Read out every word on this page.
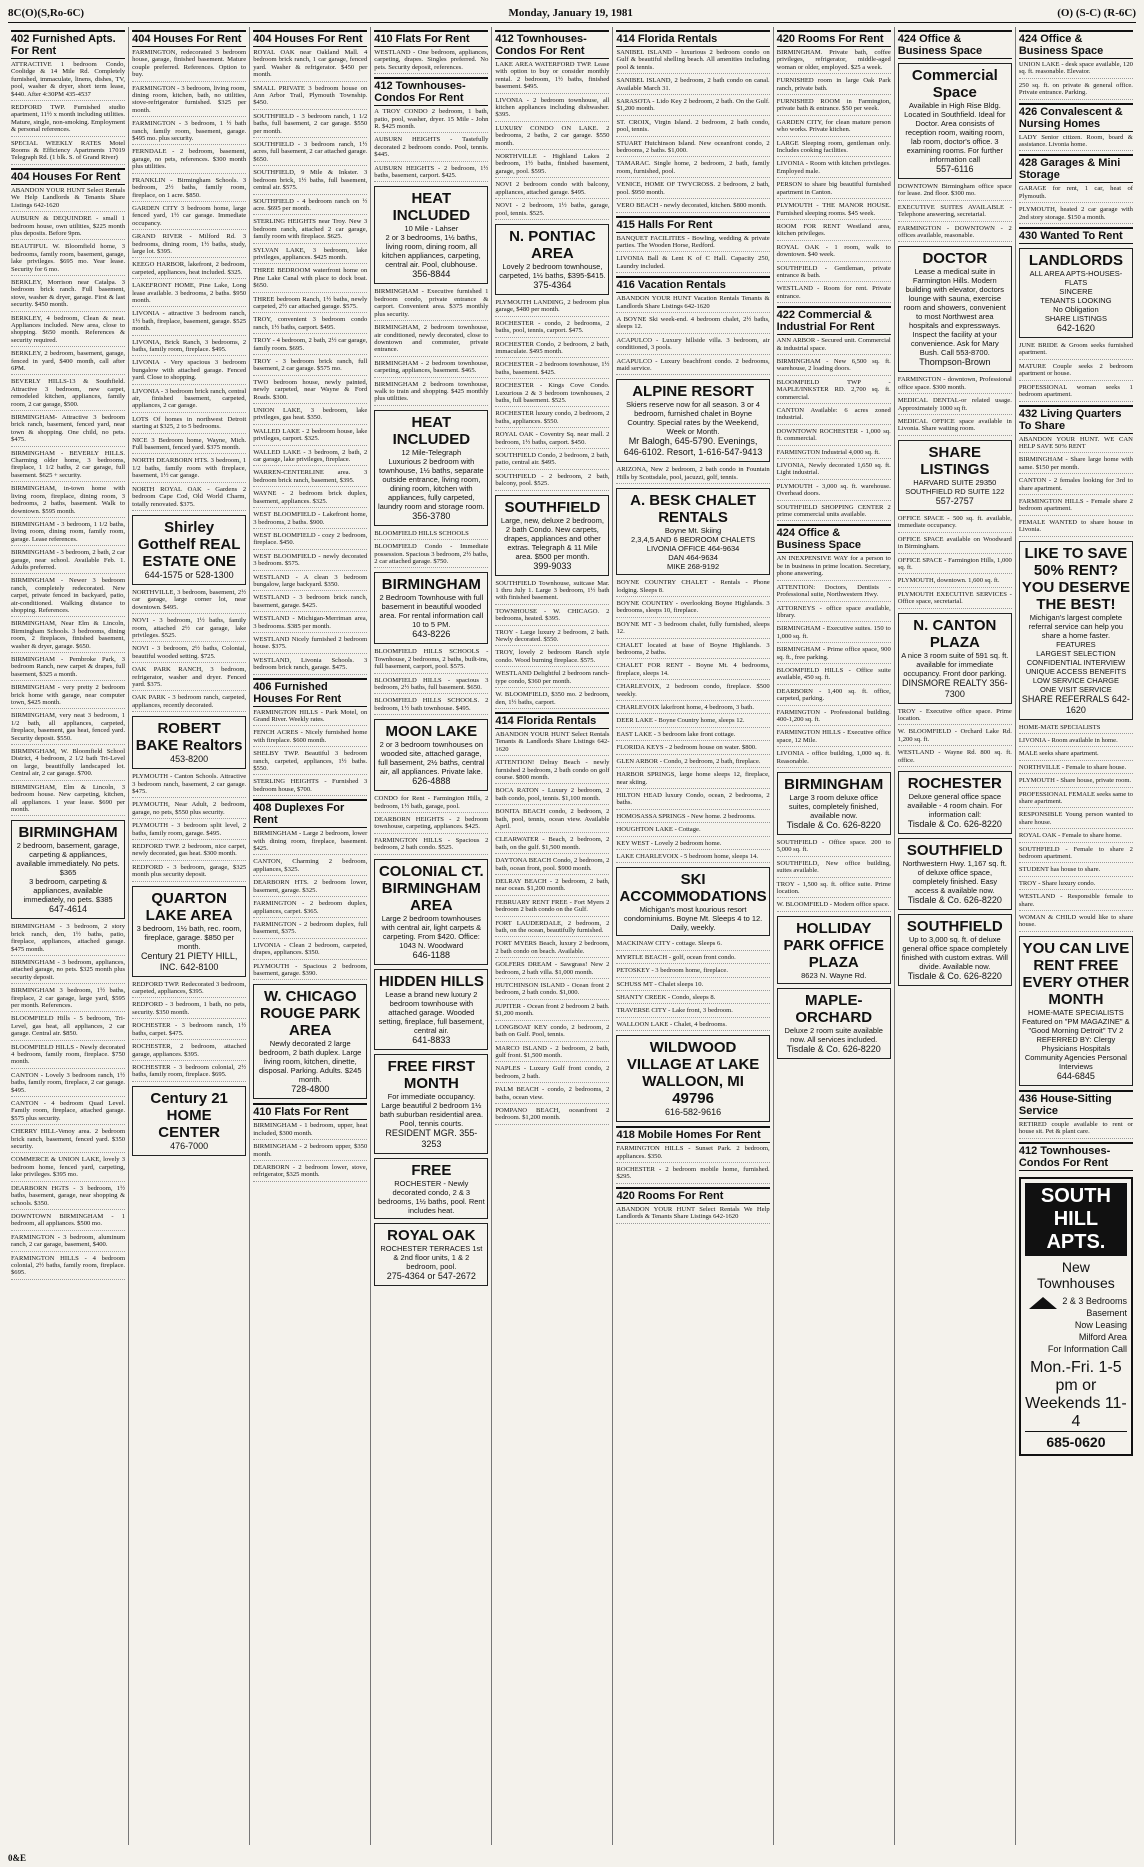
8C(O)(S,Ro-6C)	Monday, January 19, 1981	(O) (S-C) (R-6C)
402 Furnished Apts. For Rent

ATTRACTIVE 1 bedroom Condo, Coolidge & 14 Mile Rd. Completely furnished, immaculate, linens, dishes, TV, pool, washer & dryer, short term lease, $440. After 4:30PM 435-4537

REDFORD TWP. Furnished studio apartment, 11½ x month including utilities. Mature, single, non-smoking. Employment & personal references.

SPECIAL WEEKLY RATES Motel Rooms & Efficiency Apartments 17019 Telegraph Rd. (1 blk. S. of Grand River)

404 Houses For Rent

ABANDON YOUR HUNT Select Rentals We Help Landlords & Tenants Share Listings 642-1620

AUBURN & DEQUINDRE - small 1 bedroom house, own utilities, $225 month plus deposits. Before 9pm.

BEAUTIFUL W. Bloomfield home, 3 bedrooms, family room, basement, garage, lake privileges. $695 mo. Year lease. Security for 6 mo.

BERKLEY, Morrison near Catalpa. 3 bedroom brick ranch. Full basement, stove, washer & dryer, garage. First & last security. $450 month.

BERKLEY, 4 bedroom, Clean & neat. Appliances included. New area, close to shopping. $650 month. References & security required.

BERKLEY, 2 bedroom, basement, garage, fenced in yard, $400 month, call after 6PM.

BEVERLY HILLS-13 & Southfield. Attractive 3 bedroom, new carpet, remodeled kitchen, appliances, family room, 2 car garage, $500.

BIRMINGHAM- Attractive 3 bedroom brick ranch, basement, fenced yard, near town & shopping. One child, no pets. $475.

BIRMINGHAM - BEVERLY HILLS. Charming older home, 3 bedrooms, fireplace, 1 1/2 baths, 2 car garage, full basement. $625 + security.

BIRMINGHAM, in-town home with living room, fireplace, dining room, 3 bedrooms, 2 baths, basement. Walk to downtown. $595 month.

BIRMINGHAM - 3 bedroom, 1 1/2 baths, living room, dining room, family room, garage. Lease references.

BIRMINGHAM - 3 bedroom, 2 bath, 2 car garage, near school. Available Feb. 1. Adults preferred.

BIRMINGHAM - Newer 3 bedroom ranch, completely redecorated. New carpet, private fenced in backyard, patio, air-conditioned. Walking distance to shopping. References.

BIRMINGHAM, Near Elm & Lincoln, Birmingham Schools. 3 bedrooms, dining room, 2 fireplaces, finished basement, washer & dryer, garage. $650.

BIRMINGHAM - Pembroke Park, 3 bedroom Ranch, new carpet & drapes, full basement, $325 a month.

BIRMINGHAM - very pretty 2 bedroom brick home with garage, near computer town, $425 month.

BIRMINGHAM, very neat 3 bedroom, 1 1/2 bath, all appliances, carpeted, fireplace, basement, gas heat, fenced yard. Security deposit. $550.

BIRMINGHAM, W. Bloomfield School District, 4 bedroom, 2 1/2 bath Tri-Level on large, beautifully landscaped lot. Central air, 2 car garage. $700.

BIRMINGHAM, Elm & Lincoln, 3 bedroom house. New carpeting, kitchen, all appliances. 1 year lease. $690 per month.

BIRMINGHAM
2 bedroom, basement, garage, carpeting & appliances, available immediately. No pets. $365
3 bedroom, carpeting & appliances, available immediately, no pets. $385
647-4614

BIRMINGHAM - 3 bedroom, 2 story brick ranch, den, 1½ baths, patio, fireplace, appliances, attached garage. $475 month.

BIRMINGHAM - 3 bedroom, appliances, attached garage, no pets. $325 month plus security deposit.

BIRMINGHAM 3 bedroom, 1½ baths, fireplace, 2 car garage, large yard, $595 per month. References.

BLOOMFIELD Hills - 5 bedroom, Tri-Level, gas heat, all appliances, 2 car garage. Central air. $850.

BLOOMFIELD HILLS - Newly decorated 4 bedroom, family room, fireplace. $750 month.

CANTON - Lovely 3 bedroom ranch, 1½ baths, family room, fireplace, 2 car garage. $495.

CANTON - 4 bedroom Quad Level. Family room, fireplace, attached garage. $575 plus security.

CHERRY HILL-Venoy area. 2 bedroom brick ranch, basement, fenced yard. $350 security.

COMMERCE & UNION LAKE, lovely 3 bedroom home, fenced yard, carpeting, lake privileges. $395 mo.

DEARBORN HGTS - 3 bedroom, 1½ baths, basement, garage, near shopping & schools. $350.

DOWNTOWN BIRMINGHAM - 1 bedroom, all appliances. $500 mo.

FARMINGTON - 3 bedroom, aluminum ranch, 2 car garage, basement, $400.

FARMINGTON HILLS - 4 bedroom colonial, 2½ baths, family room, fireplace. $695.

404 Houses For Rent

FARMINGTON, redecorated 3 bedroom house, garage, finished basement. Mature couple preferred. References. Option to buy.

FARMINGTON - 3 bedroom, living room, dining room, kitchen, bath, no utilities, stove-refrigerator furnished. $325 per month.

FARMINGTON - 3 bedroom, 1 ½ bath ranch, family room, basement, garage. $495 mo. plus security.

FERNDALE - 2 bedroom, basement, garage, no pets, references. $300 month plus utilities.

FRANKLIN - Birmingham Schools. 3 bedroom, 2½ baths, family room, fireplace, on 1 acre. $850.

GARDEN CITY 3 bedroom home, large fenced yard, 1½ car garage. Immediate occupancy.

GRAND RIVER - Milford Rd. 3 bedrooms, dining room, 1½ baths, study, large lot. $395.

KEEGO HARBOR, lakefront, 2 bedroom, carpeted, appliances, heat included. $325.

LAKEFRONT HOME, Pine Lake, Long lease available. 3 bedrooms, 2 baths. $950 month.

LIVONIA - attractive 3 bedroom ranch, 1½ bath, fireplace, basement, garage. $525 month.

LIVONIA, Brick Ranch, 3 bedrooms, 2 baths, family room, fireplace. $495.

LIVONIA - Very spacious 3 bedroom bungalow with attached garage. Fenced yard. Close to shopping.

LIVONIA - 3 bedroom brick ranch, central air, finished basement, carpeted, appliances, 2 car garage.

LOTS Of homes in northwest Detroit starting at $325, 2 to 5 bedrooms.

NICE 3 Bedroom home, Wayne, Mich. Full basement, fenced yard. $375 month.

NORTH DEARBORN HTS. 3 bedroom, 1 1/2 baths, family room with fireplace, basement, 1½ car garage.

NORTH ROYAL OAK - Gardens 2 bedroom Cape Cod, Old World Charm, totally renovated. $375.

Shirley Gotthelf REAL ESTATE ONE
644-1575 or 528-1300

NORTHVILLE, 3 bedroom, basement, 2½ car garage, large corner lot, near downtown. $495.

NOVI - 3 bedroom, 1½ baths, family room, attached 2½ car garage, lake privileges. $525.

NOVI - 3 bedroom, 2½ baths, Colonial, beautiful wooded setting. $725.

OAK PARK RANCH, 3 bedroom, refrigerator, washer and dryer. Fenced yard. $375.

OAK PARK - 3 bedroom ranch, carpeted, appliances, recently decorated.

ROBERT BAKE Realtors
453-8200

PLYMOUTH - Canton Schools. Attractive 3 bedroom ranch, basement, 2 car garage. $475.

PLYMOUTH, Near Adult, 2 bedroom, garage, no pets, $550 plus security.

PLYMOUTH - 3 bedroom split level, 2 baths, family room, garage. $495.

REDFORD TWP. 2 bedroom, nice carpet, newly decorated, gas heat. $300 month.

REDFORD - 3 bedroom, garage, $325 month plus security deposit.

QUARTON LAKE AREA
3 bedroom, 1½ bath, rec. room, fireplace, garage. $850 per month.
Century 21 PIETY HILL, INC. 642-8100

REDFORD TWP. Redecorated 3 bedroom, carpeted, appliances, $395.

REDFORD - 3 bedroom, 1 bath, no pets, security. $350 month.

ROCHESTER - 3 bedroom ranch, 1½ baths, carpet. $475.

ROCHESTER, 2 bedroom, attached garage, appliances. $395.

ROCHESTER - 3 bedroom colonial, 2½ baths, family room, fireplace. $695.

Century 21 HOME CENTER
476-7000
404 Houses For Rent

ROYAL OAK near Oakland Mall. 4 bedroom brick ranch, 1 car garage, fenced yard. Washer & refrigerator. $450 per month.

SMALL PRIVATE 3 bedroom house on Ann Arbor Trail, Plymouth Township. $450.

SOUTHFIELD - 3 bedroom ranch, 1 1/2 baths, full basement, 2 car garage. $550 per month.

SOUTHFIELD - 3 bedroom ranch, 1½ acres, full basement, 2 car attached garage. $650.

SOUTHFIELD, 9 Mile & Inkster. 3 bedroom brick, 1½ baths, full basement, central air. $575.

SOUTHFIELD - 4 bedroom ranch on ½ acre. $695 per month.

STERLING HEIGHTS near Troy. New 3 bedroom ranch, attached 2 car garage, family room with fireplace. $625.

SYLVAN LAKE, 3 bedroom, lake privileges, appliances. $425 month.

THREE BEDROOM waterfront home on Pine Lake Canal with place to dock boat. $650.

THREE bedroom Ranch, 1½ baths, newly carpeted, 2½ car attached garage. $575.

TROY, convenient 3 bedroom condo ranch, 1½ baths, carport. $495.

TROY - 4 bedroom, 2 bath, 2½ car garage, family room. $695.

TROY - 3 bedroom brick ranch, full basement, 2 car garage. $575 mo.

TWO bedroom house, newly painted, newly carpeted, near Wayne & Ford Roads. $300.

UNION LAKE, 3 bedroom, lake privileges, gas heat. $350.

WALLED LAKE - 2 bedroom house, lake privileges, carport. $325.

WALLED LAKE - 3 bedroom, 2 bath, 2 car garage, lake privileges, fireplace.

WARREN-CENTERLINE area. 3 bedroom brick ranch, basement, $395.

WAYNE - 2 bedroom brick duplex, basement, appliances. $325.

WEST BLOOMFIELD - Lakefront home, 3 bedrooms, 2 baths. $900.

WEST BLOOMFIELD - cozy 2 bedroom, fireplace. $450.

WEST BLOOMFIELD - newly decorated 3 bedroom. $575.

WESTLAND - A clean 3 bedroom bungalow, large backyard. $350.

WESTLAND - 3 bedroom brick ranch, basement, garage. $425.

WESTLAND - Michigan-Merriman area, 3 bedrooms. $385 per month.

WESTLAND Nicely furnished 2 bedroom house. $375.

WESTLAND, Livonia Schools. 3 bedroom brick ranch, garage. $475.

406 Furnished Houses For Rent

FARMINGTON HILLS - Park Motel, on Grand River. Weekly rates.

FENCH ACRES - Nicely furnished home with fireplace. $600 month.

SHELBY TWP. Beautiful 3 bedroom ranch, carpeted, appliances, 1½ baths. $550.

STERLING HEIGHTS - Furnished 3 bedroom house, $700.

408 Duplexes For Rent

BIRMINGHAM - Large 2 bedroom, lower with dining room, fireplace, basement. $425.

CANTON, Charming 2 bedroom, appliances, $325.

DEARBORN HTS. 2 bedroom lower, basement, garage. $325.

FARMINGTON - 2 bedroom duplex, appliances, carpet. $365.

FARMINGTON - 2 bedroom duplex, full basement, $375.

LIVONIA - Clean 2 bedroom, carpeted, drapes, appliances. $350.

PLYMOUTH - Spacious 2 bedroom, basement, garage. $390.

W. CHICAGO ROUGE PARK AREA
Newly decorated 2 large bedroom, 2 bath duplex. Large living room, kitchen, dinette, disposal. Parking. Adults. $245 month.
728-4800
410 Flats For Rent

BIRMINGHAM - 1 bedroom, upper, heat included, $300 month.

BIRMINGHAM - 2 bedroom upper, $350 month.

DEARBORN - 2 bedroom lower, stove, refrigerator, $325 month.

410 Flats For Rent

WESTLAND - One bedroom, appliances, carpeting, drapes. Singles preferred. No pets. Security deposit, references.

412 Townhouses-Condos For Rent

A TROY CONDO 2 bedroom, 1 bath, patio, pool, washer, dryer. 15 Mile - John R. $425 month.

AUBURN HEIGHTS - Tastefully decorated 2 bedroom condo. Pool, tennis. $445.

AUBURN HEIGHTS - 2 bedroom, 1½ baths, basement, carport. $425.

HEAT INCLUDED
10 Mile - Lahser
2 or 3 bedrooms, 1½ baths, living room, dining room, all kitchen appliances, carpeting, central air. Pool, clubhouse.
356-8844

BIRMINGHAM - Executive furnished 1 bedroom condo, private entrance & carport. Convenient area. $375 monthly plus security.

BIRMINGHAM, 2 bedroom townhouse, air conditioned, newly decorated, close to downtown and commuter, private entrance.

BIRMINGHAM - 2 bedroom townhouse, carpeting, appliances, basement. $465.

BIRMINGHAM 2 bedroom townhouse, walk to train and shopping. $425 monthly plus utilities.

HEAT INCLUDED
12 Mile-Telegraph
Luxurious 2 bedroom with townhouse, 1½ baths, separate outside entrance, living room, dining room, kitchen with appliances, fully carpeted, laundry room and storage room.
356-3780

BLOOMFIELD HILLS SCHOOLS

BLOOMFIELD Condo - Immediate possession. Spacious 3 bedroom, 2½ baths, 2 car attached garage. $750.

BIRMINGHAM
2 Bedroom Townhouse with full basement in beautiful wooded area. For rental information call 10 to 5 PM.
643-8226

BLOOMFIELD HILLS SCHOOLS - Townhouse, 2 bedrooms, 2 baths, built-ins, full basement, carport, pool. $575.

BLOOMFIELD HILLS - spacious 3 bedroom, 2½ baths, full basement. $650.

BLOOMFIELD HILLS SCHOOLS. 2 bedroom, 1½ bath townhouse. $495.

MOON LAKE
2 or 3 bedroom townhouses on wooded site, attached garage, full basement, 2½ baths, central air, all appliances. Private lake.
626-4888

CONDO for Rent - Farmington Hills, 2 bedroom, 1½ bath, garage, pool.

DEARBORN HEIGHTS - 2 bedroom townhouse, carpeting, appliances. $425.

FARMINGTON HILLS - Spacious 2 bedroom, 2 bath condo. $525.

COLONIAL CT. BIRMINGHAM AREA
Large 2 bedroom townhouses with central air, light carpets & carpeting. From $420. Office: 1043 N. Woodward
646-1188
HIDDEN HILLS
Lease a brand new luxury 2 bedroom townhouse with attached garage. Wooded setting, fireplace, full basement, central air.
641-8833
FREE FIRST MONTH
For immediate occupancy. Large beautiful 2 bedroom 1½ bath suburban residential area. Pool, tennis courts.
RESIDENT MGR. 355-3253
FREE
ROCHESTER - Newly decorated condo, 2 & 3 bedrooms, 1½ baths, pool. Rent includes heat.
ROYAL OAK
ROCHESTER TERRACES 1st & 2nd floor units, 1 & 2 bedroom, pool.
275-4364 or 547-2672
412 Townhouses-Condos For Rent

LAKE AREA WATERFORD TWP. Lease with option to buy or consider monthly rental. 2 bedroom, 1½ baths, finished basement. $495.

LIVONIA - 2 bedroom townhouse, all kitchen appliances including dishwasher. $395.

LUXURY CONDO ON LAKE. 2 bedrooms, 2 baths, 2 car garage. $550 month.

NORTHVILLE - Highland Lakes 2 bedroom, 1½ baths, finished basement, garage, pool. $595.

NOVI 2 bedroom condo with balcony, appliances, attached garage. $495.

NOVI - 2 bedroom, 1½ baths, garage, pool, tennis. $525.

N. PONTIAC AREA
Lovely 2 bedroom townhouse, carpeted, 1½ baths, $395-$415.
375-4364

PLYMOUTH LANDING, 2 bedroom plus garage, $480 per month.

ROCHESTER - condo, 2 bedrooms, 2 baths, pool, tennis, carport. $475.

ROCHESTER Condo, 2 bedroom, 2 bath, immaculate. $495 month.

ROCHESTER - 2 bedroom townhouse, 1½ baths, basement. $425.

ROCHESTER - Kings Cove Condo. Luxurious 2 & 3 bedroom townhouses, 2 baths, full basement. $525.

ROCHESTER luxury condo, 2 bedroom, 2 baths, appliances. $550.

ROYAL OAK - Coventry Sq. near mall. 2 bedroom, 1½ baths, carport. $450.

SOUTHFIELD Condo, 2 bedroom, 2 bath, patio, central air. $495.

SOUTHFIELD - 2 bedroom, 2 bath, balcony, pool. $525.

SOUTHFIELD
Large, new, deluxe 2 bedroom, 2 bath Condo. New carpets, drapes, appliances and other extras. Telegraph & 11 Mile area. $500 per month.
399-9033

SOUTHFIELD Townhouse, suitcase Mar. 1 thru July 1. Large 3 bedroom, 1½ bath with finished basement.

TOWNHOUSE - W. CHICAGO. 2 bedrooms, heated. $395.

TROY - Large luxury 2 bedroom, 2 bath. Newly decorated. $550.

TROY, lovely 2 bedroom Ranch style condo. Wood burning fireplace. $575.

WESTLAND Delightful 2 bedroom ranch-type condo, $360 per month.

W. BLOOMFIELD, $350 mo. 2 bedroom, den, 1½ baths, carport.

414 Florida Rentals

ABANDON YOUR HUNT Select Rentals Tenants & Landlords Share Listings 642-1620

ATTENTION! Delray Beach - newly furnished 2 bedroom, 2 bath condo on golf course. $800 month.

BOCA RATON - Luxury 2 bedroom, 2 bath condo, pool, tennis. $1,100 month.

BONITA BEACH condo, 2 bedroom, 2 bath, pool, tennis, ocean view. Available April.

CLEARWATER - Beach, 2 bedroom, 2 bath, on the gulf. $1,500 month.

DAYTONA BEACH Condo, 2 bedroom, 2 bath, ocean front, pool. $900 month.

DELRAY BEACH - 2 bedroom, 2 bath, near ocean. $1,200 month.

FEBRUARY RENT FREE - Fort Myers 2 bedroom 2 bath condo on the Gulf.

FORT LAUDERDALE, 2 bedroom, 2 bath, on the ocean, beautifully furnished.

FORT MYERS Beach, luxury 2 bedroom, 2 bath condo on beach. Available.

GOLFERS DREAM - Sawgrass! New 2 bedroom, 2 bath villa. $1,000 month.

HUTCHINSON ISLAND - Ocean front 2 bedroom, 2 bath condo. $1,000.

JUPITER - Ocean front 2 bedroom 2 bath. $1,200 month.

LONGBOAT KEY condo, 2 bedroom, 2 bath on Gulf. Pool, tennis.

MARCO ISLAND - 2 bedroom, 2 bath, gulf front. $1,500 month.

NAPLES - Luxury Gulf front condo, 2 bedroom, 2 bath.

PALM BEACH - condo, 2 bedrooms, 2 baths, ocean view.

POMPANO BEACH, oceanfront 2 bedroom. $1,200 month.

414 Florida Rentals

SANIBEL ISLAND - luxurious 2 bedroom condo on Gulf & beautiful shelling beach. All amenities including pool & tennis.

SANIBEL ISLAND, 2 bedroom, 2 bath condo on canal. Available March 31.

SARASOTA - Lido Key 2 bedroom, 2 bath. On the Gulf. $1,200 month.

ST. CROIX, Virgin Island. 2 bedroom, 2 bath condo, pool, tennis.

STUART Hutchinson Island. New oceanfront condo, 2 bedrooms, 2 baths. $1,000.

TAMARAC. Single home, 2 bedroom, 2 bath, family room, furnished, pool.

VENICE, HOME OF TWYCROSS. 2 bedroom, 2 bath, pool. $950 month.

VERO BEACH - newly decorated, kitchen. $800 month.

415 Halls For Rent

BANQUET FACILITIES - Bowling, wedding & private parties. The Wooden Horse, Redford.

LIVONIA Ball & Lent K of C Hall. Capacity 250, Laundry included.

416 Vacation Rentals

ABANDON YOUR HUNT Vacation Rentals Tenants & Landlords Share Listings 642-1620

A BOYNE Ski week-end. 4 bedroom chalet, 2½ baths, sleeps 12.

ACAPULCO - Luxury hillside villa. 3 bedroom, air conditioned, 3 pools.

ACAPULCO - Luxury beachfront condo. 2 bedrooms, maid service.

ALPINE RESORT
Skiers reserve now for all season. 3 or 4 bedroom, furnished chalet in Boyne Country. Special rates by the Weekend, Week or Month.
Mr Balogh, 645-5790. Evenings, 646-6102. Resort, 1-616-547-9413

ARIZONA, New 2 bedroom, 2 bath condo in Fountain Hills by Scottsdale, pool, jacuzzi, golf, tennis.

A. BESK CHALET RENTALS
Boyne Mt. Skiing
2,3,4,5 AND 6 BEDROOM CHALETS
LIVONIA OFFICE 464-9634
DAN 464-9634
MIKE 268-9192

BOYNE COUNTRY CHALET - Rentals - Phone lodging. Sleeps 8.

BOYNE COUNTRY - overlooking Boyne Highlands. 3 bedrooms, sleeps 10, fireplace.

BOYNE MT - 3 bedroom chalet, fully furnished, sleeps 12.

CHALET located at base of Boyne Highlands. 3 bedrooms, 2 baths.

CHALET FOR RENT - Boyne Mt. 4 bedrooms, fireplace, sleeps 14.

CHARLEVOIX, 2 bedroom condo, fireplace. $500 weekly.

CHARLEVOIX lakefront home, 4 bedroom, 3 bath.

DEER LAKE - Boyne Country home, sleeps 12.

EAST LAKE - 3 bedroom lake front cottage.

FLORIDA KEYS - 2 bedroom house on water. $800.

GLEN ARBOR - Condo, 2 bedroom, 2 bath, fireplace.

HARBOR SPRINGS, large home sleeps 12, fireplace, near skiing.

HILTON HEAD luxury Condo, ocean, 2 bedrooms, 2 baths.

HOMOSASSA SPRINGS - New home. 2 bedrooms.

HOUGHTON LAKE - Cottage.

KEY WEST - Lovely 2 bedroom home.

LAKE CHARLEVOIX - 5 bedroom home, sleeps 14.

SKI ACCOMMODATIONS
Michigan's most luxurious resort condominiums. Boyne Mt. Sleeps 4 to 12. Daily, weekly.

MACKINAW CITY - cottage. Sleeps 6.

MYRTLE BEACH - golf, ocean front condo.

PETOSKEY - 3 bedroom home, fireplace.

SCHUSS MT - Chalet sleeps 10.

SHANTY CREEK - Condo, sleeps 8.

TRAVERSE CITY - Lake front, 3 bedroom.

WALLOON LAKE - Chalet, 4 bedrooms.

WILDWOOD VILLAGE AT LAKE WALLOON, MI 49796
616-582-9616
418 Mobile Homes For Rent

FARMINGTON HILLS - Sunset Park. 2 bedroom, appliances. $350.

ROCHESTER - 2 bedroom mobile home, furnished. $295.

420 Rooms For Rent

ABANDON YOUR HUNT Select Rentals We Help Landlords & Tenants Share Listings 642-1620

420 Rooms For Rent

BIRMINGHAM. Private bath, coffee privileges, refrigerator, middle-aged woman or older, employed. $25 a week.

FURNISHED room in large Oak Park ranch, private bath.

FURNISHED ROOM in Farmington, private bath & entrance. $50 per week.

GARDEN CITY, for clean mature person who works. Private kitchen.

LARGE Sleeping room, gentleman only. Includes cooking facilities.

LIVONIA - Room with kitchen privileges. Employed male.

PERSON to share big beautiful furnished apartment in Canton.

PLYMOUTH - THE MANOR HOUSE. Furnished sleeping rooms. $45 week.

ROOM FOR RENT Westland area, kitchen privileges.

ROYAL OAK - 1 room, walk to downtown. $40 week.

SOUTHFIELD - Gentleman, private entrance & bath.

WESTLAND - Room for rent. Private entrance.

422 Commercial & Industrial For Rent

ANN ARBOR - Secured unit. Commercial & industrial space.

BIRMINGHAM - New 6,500 sq. ft. warehouse, 2 loading doors.

BLOOMFIELD TWP - MAPLE/INKSTER RD. 2,700 sq. ft. commercial.

CANTON Available: 6 acres zoned industrial.

DOWNTOWN ROCHESTER - 1,000 sq. ft. commercial.

FARMINGTON Industrial 4,000 sq. ft.

LIVONIA, Newly decorated 1,650 sq. ft. Light industrial.

PLYMOUTH - 3,000 sq. ft. warehouse. Overhead doors.

SOUTHFIELD SHOPPING CENTER 2 prime commercial units available.

424 Office & Business Space

AN INEXPENSIVE WAY for a person to be in business in prime location. Secretary, phone answering.

ATTENTION: Doctors, Dentists - Professional suite, Northwestern Hwy.

ATTORNEYS - office space available, library.

BIRMINGHAM - Executive suites. 150 to 1,000 sq. ft.

BIRMINGHAM - Prime office space, 900 sq. ft., free parking.

BLOOMFIELD HILLS - Office suite available, 450 sq. ft.

DEARBORN - 1,400 sq. ft. office, carpeted, parking.

FARMINGTON - Professional building. 400-1,200 sq. ft.

FARMINGTON HILLS - Executive office space, 12 Mile.

LIVONIA - office building, 1,000 sq. ft. Reasonable.

BIRMINGHAM
Large 3 room deluxe office suites, completely finished, available now.
Tisdale & Co. 626-8220

SOUTHFIELD - Office space. 200 to 5,000 sq. ft.

SOUTHFIELD, New office building, suites available.

TROY - 1,500 sq. ft. office suite. Prime location.

W. BLOOMFIELD - Modern office space.

HOLLIDAY PARK OFFICE PLAZA
8623 N. Wayne Rd.
MAPLE-ORCHARD
Deluxe 2 room suite available now. All services included.
Tisdale & Co. 626-8220
424 Office & Business Space
Commercial Space
Available in High Rise Bldg. Located in Southfield. Ideal for Doctor. Area consists of reception room, waiting room, lab room, doctor's office. 3 examining rooms. For further information call
557-6116

DOWNTOWN Birmingham office space for lease. 2nd floor. $300 mo.

EXECUTIVE SUITES AVAILABLE - Telephone answering, secretarial.

FARMINGTON - DOWNTOWN - 2 offices available, reasonable.

DOCTOR
Lease a medical suite in Farmington Hills. Modern building with elevator, doctors lounge with sauna, exercise room and showers, convenient to most Northwest area hospitals and expressways. Inspect the facility at your convenience. Ask for Mary Bush. Call 553-8700.
Thompson-Brown

FARMINGTON - downtown, Professional office space. $300 month.

MEDICAL DENTAL-or related usage. Approximately 1000 sq ft.

MEDICAL OFFICE space available in Livonia. Share waiting room.

SHARE LISTINGS
HARVARD SUITE 29350 SOUTHFIELD RD SUITE 122
557-2757

OFFICE SPACE - 500 sq. ft. available, immediate occupancy.

OFFICE SPACE available on Woodward in Birmingham.

OFFICE SPACE - Farmington Hills, 1,000 sq. ft.

PLYMOUTH, downtown. 1,600 sq. ft.

PLYMOUTH EXECUTIVE SERVICES - Office space, secretarial.

N. CANTON PLAZA
A nice 3 room suite of 591 sq. ft. available for immediate occupancy. Front door parking.
DINSMORE REALTY 356-7300

TROY - Executive office space. Prime location.

W. BLOOMFIELD - Orchard Lake Rd. 1,200 sq. ft.

WESTLAND - Wayne Rd. 800 sq. ft. office.

ROCHESTER
Deluxe general office space available - 4 room chain. For information call:
Tisdale & Co. 626-8220
SOUTHFIELD
Northwestern Hwy. 1,167 sq. ft. of deluxe office space, completely finished. Easy access & available now.
Tisdale & Co. 626-8220
SOUTHFIELD
Up to 3,000 sq. ft. of deluxe general office space completely finished with custom extras. Will divide. Available now.
Tisdale & Co. 626-8220
424 Office & Business Space

UNION LAKE - desk space available, 120 sq. ft. reasonable. Elevator.

250 sq. ft. on private & general office. Private entrance. Parking.

426 Convalescent & Nursing Homes

LADY Senior citizen. Room, board & assistance. Livonia home.

428 Garages & Mini Storage

GARAGE for rent, 1 car, heat of Plymouth.

PLYMOUTH, heated 2 car garage with 2nd story storage. $150 a month.

430 Wanted To Rent
LANDLORDS
ALL AREA APTS-HOUSES-FLATS
SINCERE
TENANTS LOOKING
No Obligation
SHARE LISTINGS
642-1620

JUNE BRIDE & Groom seeks furnished apartment.

MATURE Couple seeks 2 bedroom apartment or house.

PROFESSIONAL woman seeks 1 bedroom apartment.

432 Living Quarters To Share

ABANDON YOUR HUNT. WE CAN HELP SAVE 50% RENT

BIRMINGHAM - Share large home with same. $150 per month.

CANTON - 2 females looking for 3rd to share apartment.

FARMINGTON HILLS - Female share 2 bedroom apartment.

FEMALE WANTED to share house in Livonia.

LIKE TO SAVE 50% RENT? YOU DESERVE THE BEST!
Michigan's largest complete referral service can help you share a home faster.
FEATURES
LARGEST SELECTION
CONFIDENTIAL INTERVIEW
UNIQUE ACCESS BENEFITS
LOW SERVICE CHARGE
ONE VISIT SERVICE
SHARE REFERRALS 642-1620

HOME-MATE SPECIALISTS

LIVONIA - Room available in home.

MALE seeks share apartment.

NORTHVILLE - Female to share house.

PLYMOUTH - Share house, private room.

PROFESSIONAL FEMALE seeks same to share apartment.

RESPONSIBLE Young person wanted to share house.

ROYAL OAK - Female to share home.

SOUTHFIELD - Female to share 2 bedroom apartment.

STUDENT has house to share.

TROY - Share luxury condo.

WESTLAND - Responsible female to share.

WOMAN & CHILD would like to share house.

YOU CAN LIVE RENT FREE EVERY OTHER MONTH
HOME-MATE SPECIALISTS
Featured on "PM MAGAZINE" & "Good Morning Detroit" TV 2
REFERRED BY: Clergy Physicians Hospitals Community Agencies Personal Interviews
644-6845
436 House-Sitting Service

RETIRED couple available to rent or house sit. Pet & plant care.

412 Townhouses-Condos For Rent
SOUTH HILL APTS.
New Townhouses
2 & 3 Bedrooms
Basement
Now Leasing
Milford Area
For Information Call
Mon.-Fri. 1-5 pm or Weekends 11-4
685-0620
0&E
